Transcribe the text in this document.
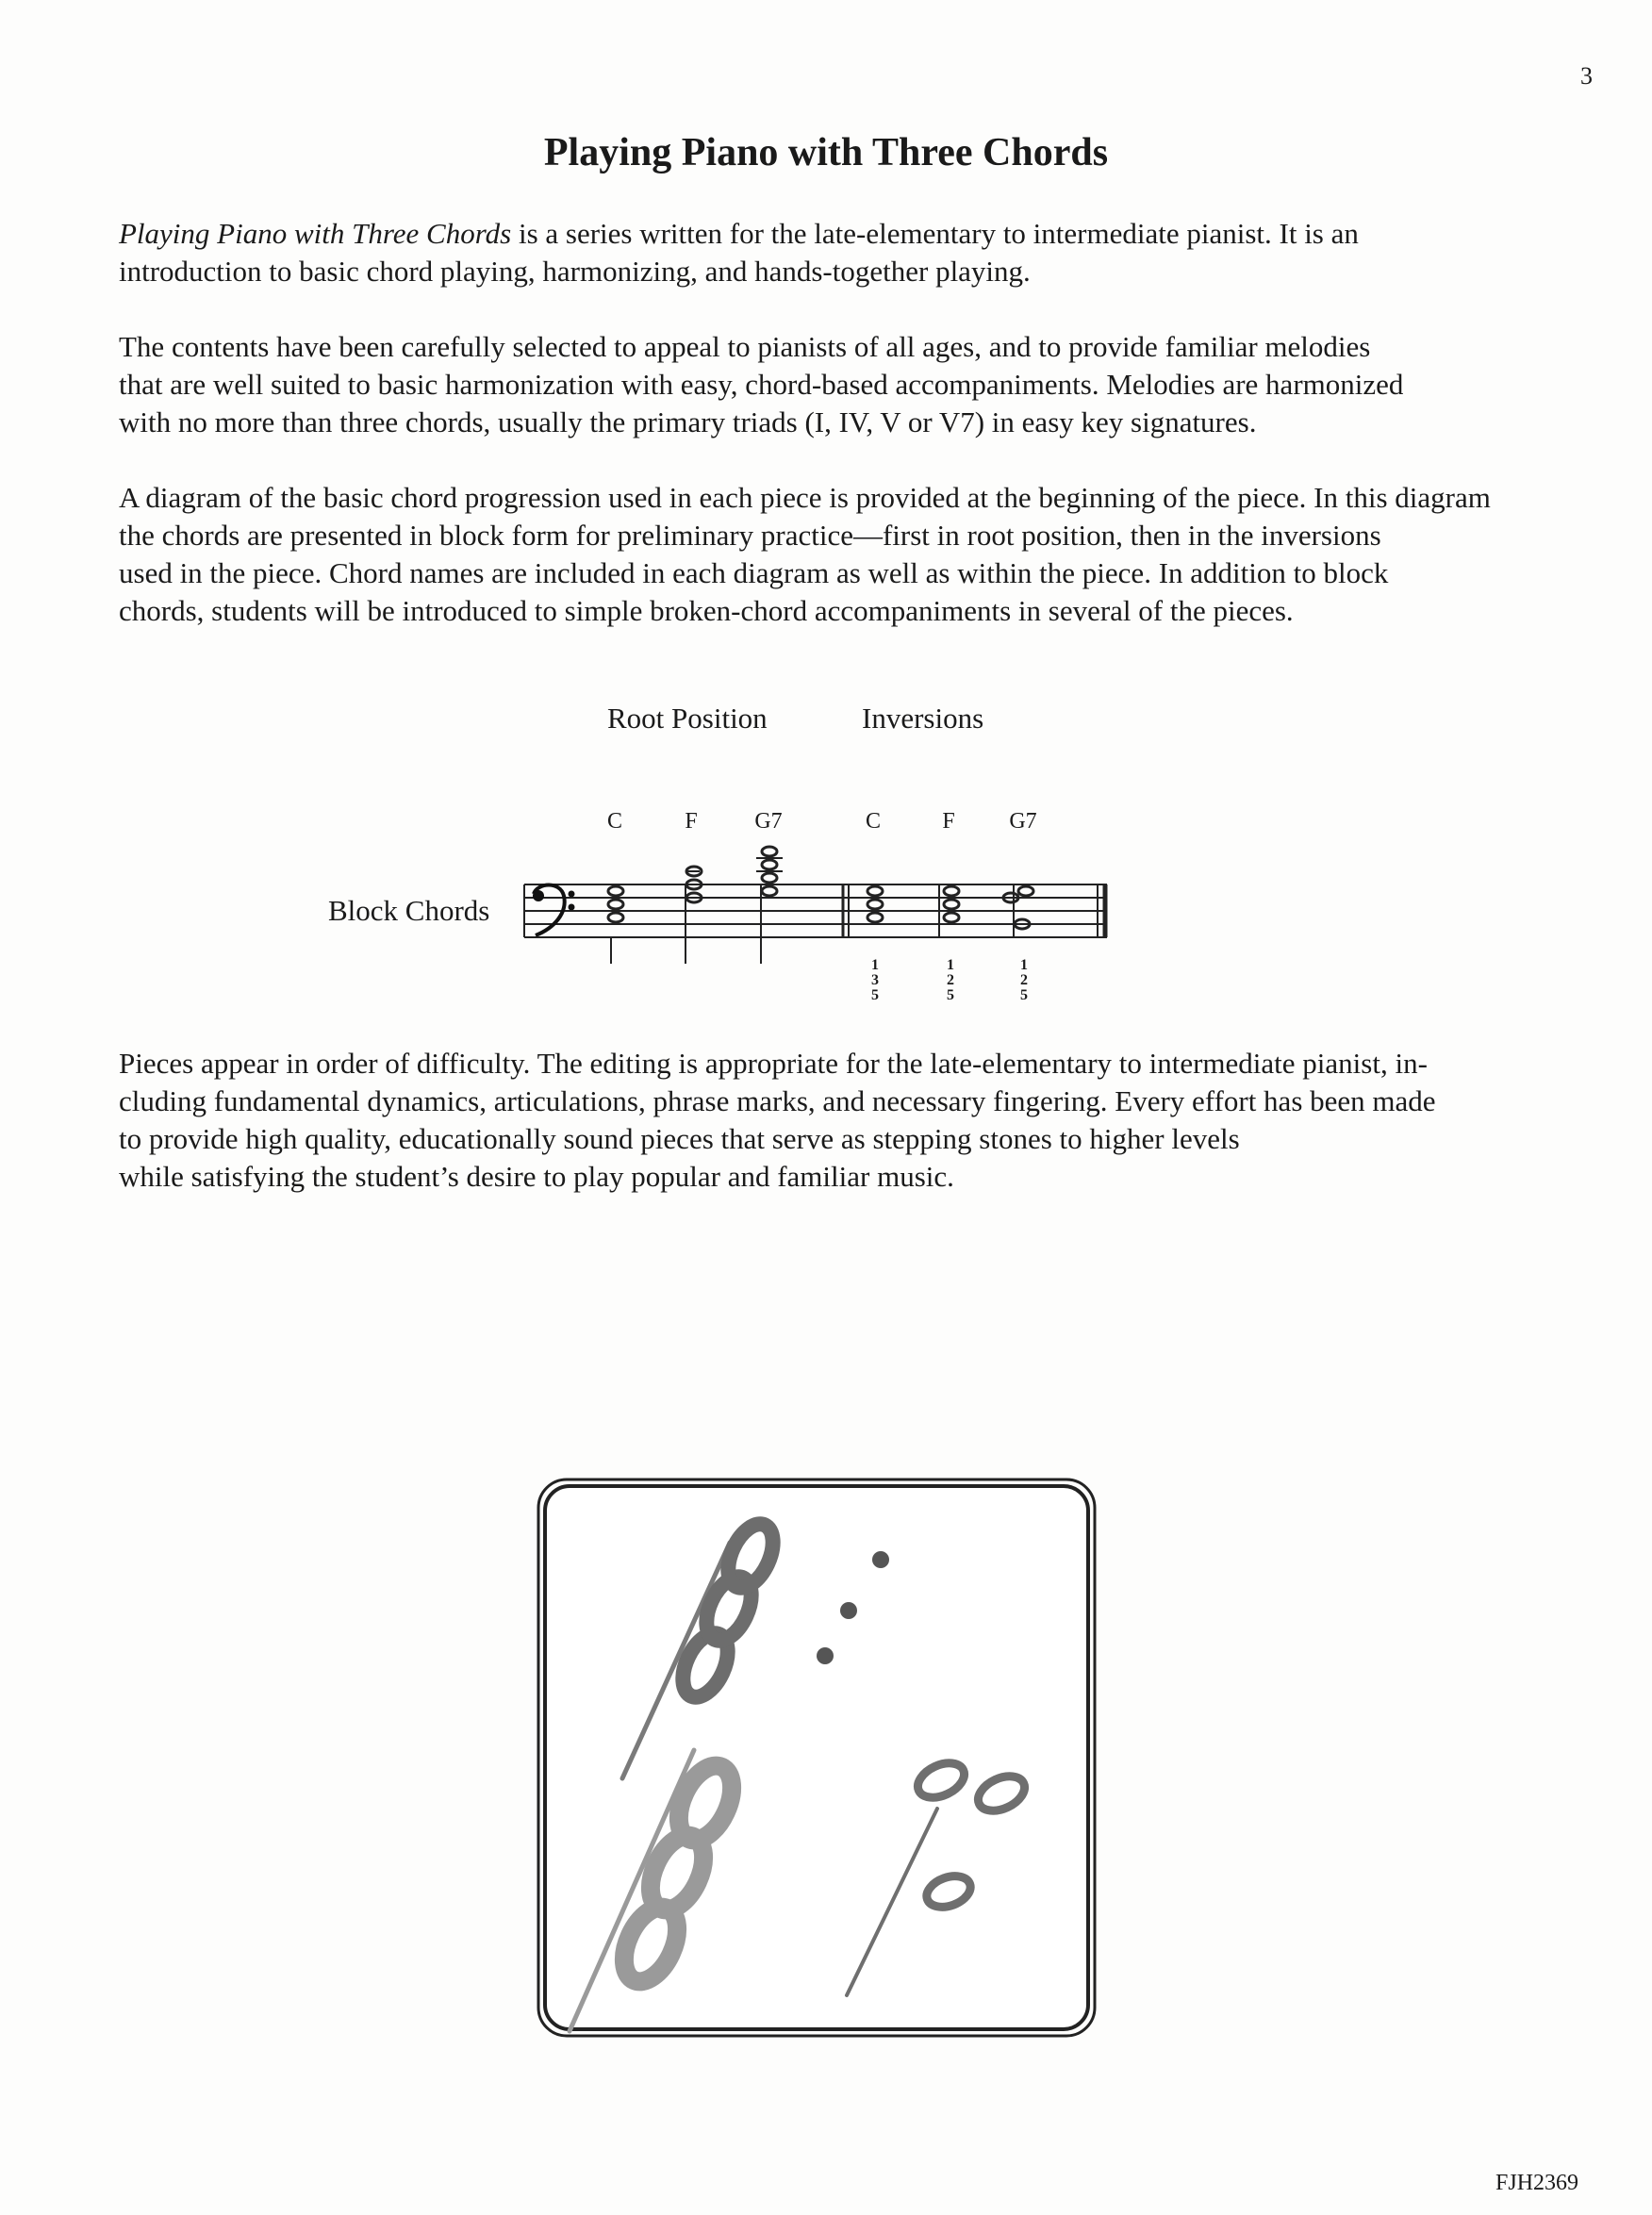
3
Playing Piano with Three Chords

Playing Piano with Three Chords is a series written for the late-elementary to intermediate pianist. It is an
introduction to basic chord playing, harmonizing, and hands-together playing.

The contents have been carefully selected to appeal to pianists of all ages, and to provide familiar melodies
that are well suited to basic harmonization with easy, chord-based accompaniments. Melodies are harmonized
with no more than three chords, usually the primary triads (I, IV, V or V7) in easy key signatures.

A diagram of the basic chord progression used in each piece is provided at the beginning of the piece. In this diagram
the chords are presented in block form for preliminary practice—first in root position, then in the inversions
used in the piece. Chord names are included in each diagram as well as within the piece. In addition to block
chords, students will be introduced to simple broken-chord accompaniments in several of the pieces.

Root Position	Inversions
Block Chords
C	F	G7	C	F	G7
1
3
5
1
2
5
1
2
5

Pieces appear in order of difficulty. The editing is appropriate for the late-elementary to intermediate pianist, in-
cluding fundamental dynamics, articulations, phrase marks, and necessary fingering. Every effort has been made
to provide high quality, educationally sound pieces that serve as stepping stones to higher levels
while satisfying the student’s desire to play popular and familiar music.

FJH2369
